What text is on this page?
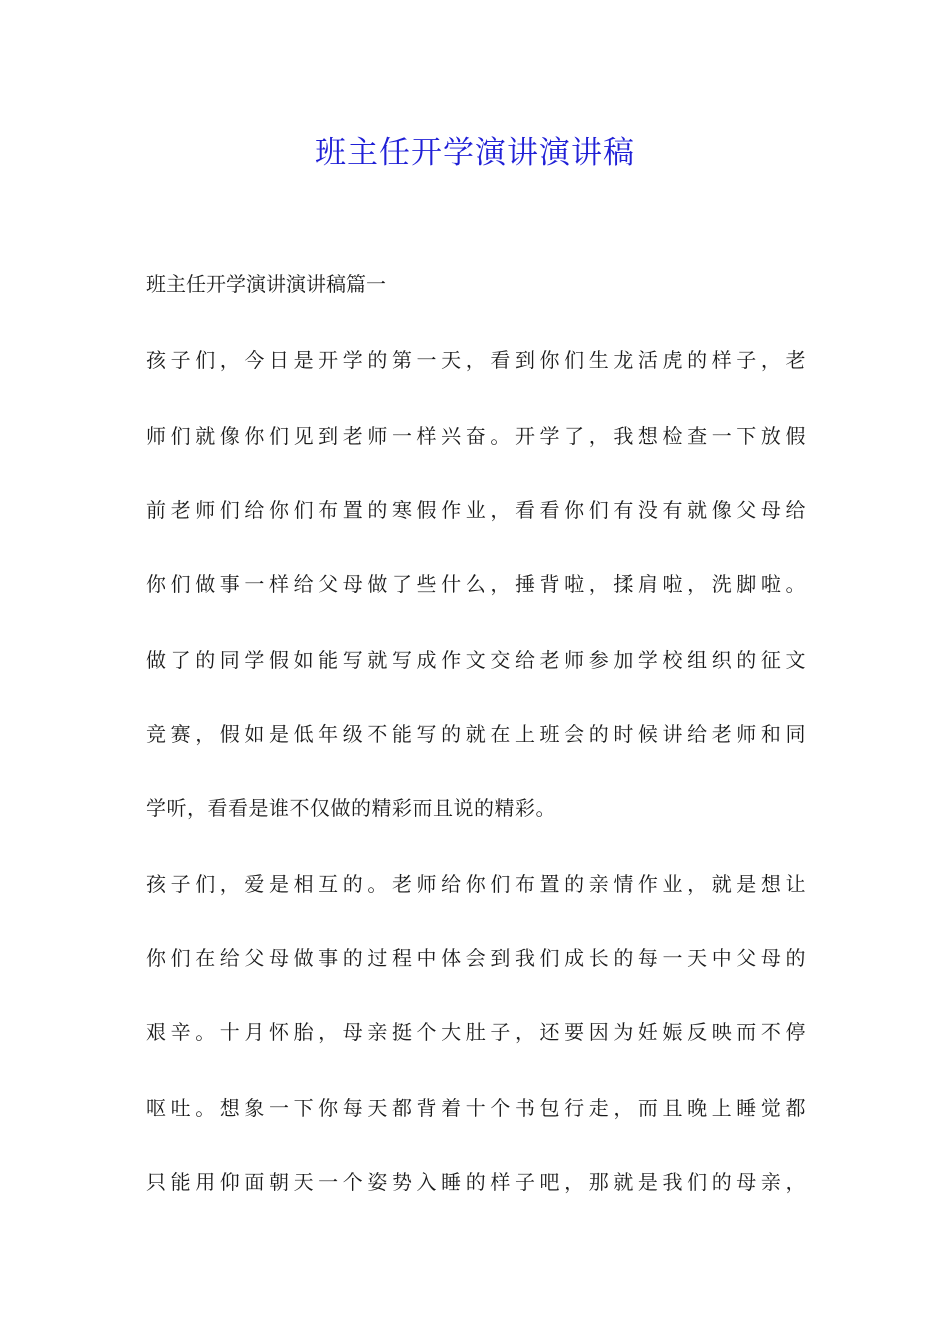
班主任开学演讲演讲稿
班主任开学演讲演讲稿篇一
孩子们，今日是开学的第一天，看到你们生龙活虎的样子，老
师们就像你们见到老师一样兴奋。开学了，我想检查一下放假
前老师们给你们布置的寒假作业，看看你们有没有就像父母给
你们做事一样给父母做了些什么，捶背啦，揉肩啦，洗脚啦。
做了的同学假如能写就写成作文交给老师参加学校组织的征文
竞赛，假如是低年级不能写的就在上班会的时候讲给老师和同
学听，看看是谁不仅做的精彩而且说的精彩。
孩子们，爱是相互的。老师给你们布置的亲情作业，就是想让
你们在给父母做事的过程中体会到我们成长的每一天中父母的
艰辛。十月怀胎，母亲挺个大肚子，还要因为妊娠反映而不停
呕吐。想象一下你每天都背着十个书包行走，而且晚上睡觉都
只能用仰面朝天一个姿势入睡的样子吧，那就是我们的母亲，
